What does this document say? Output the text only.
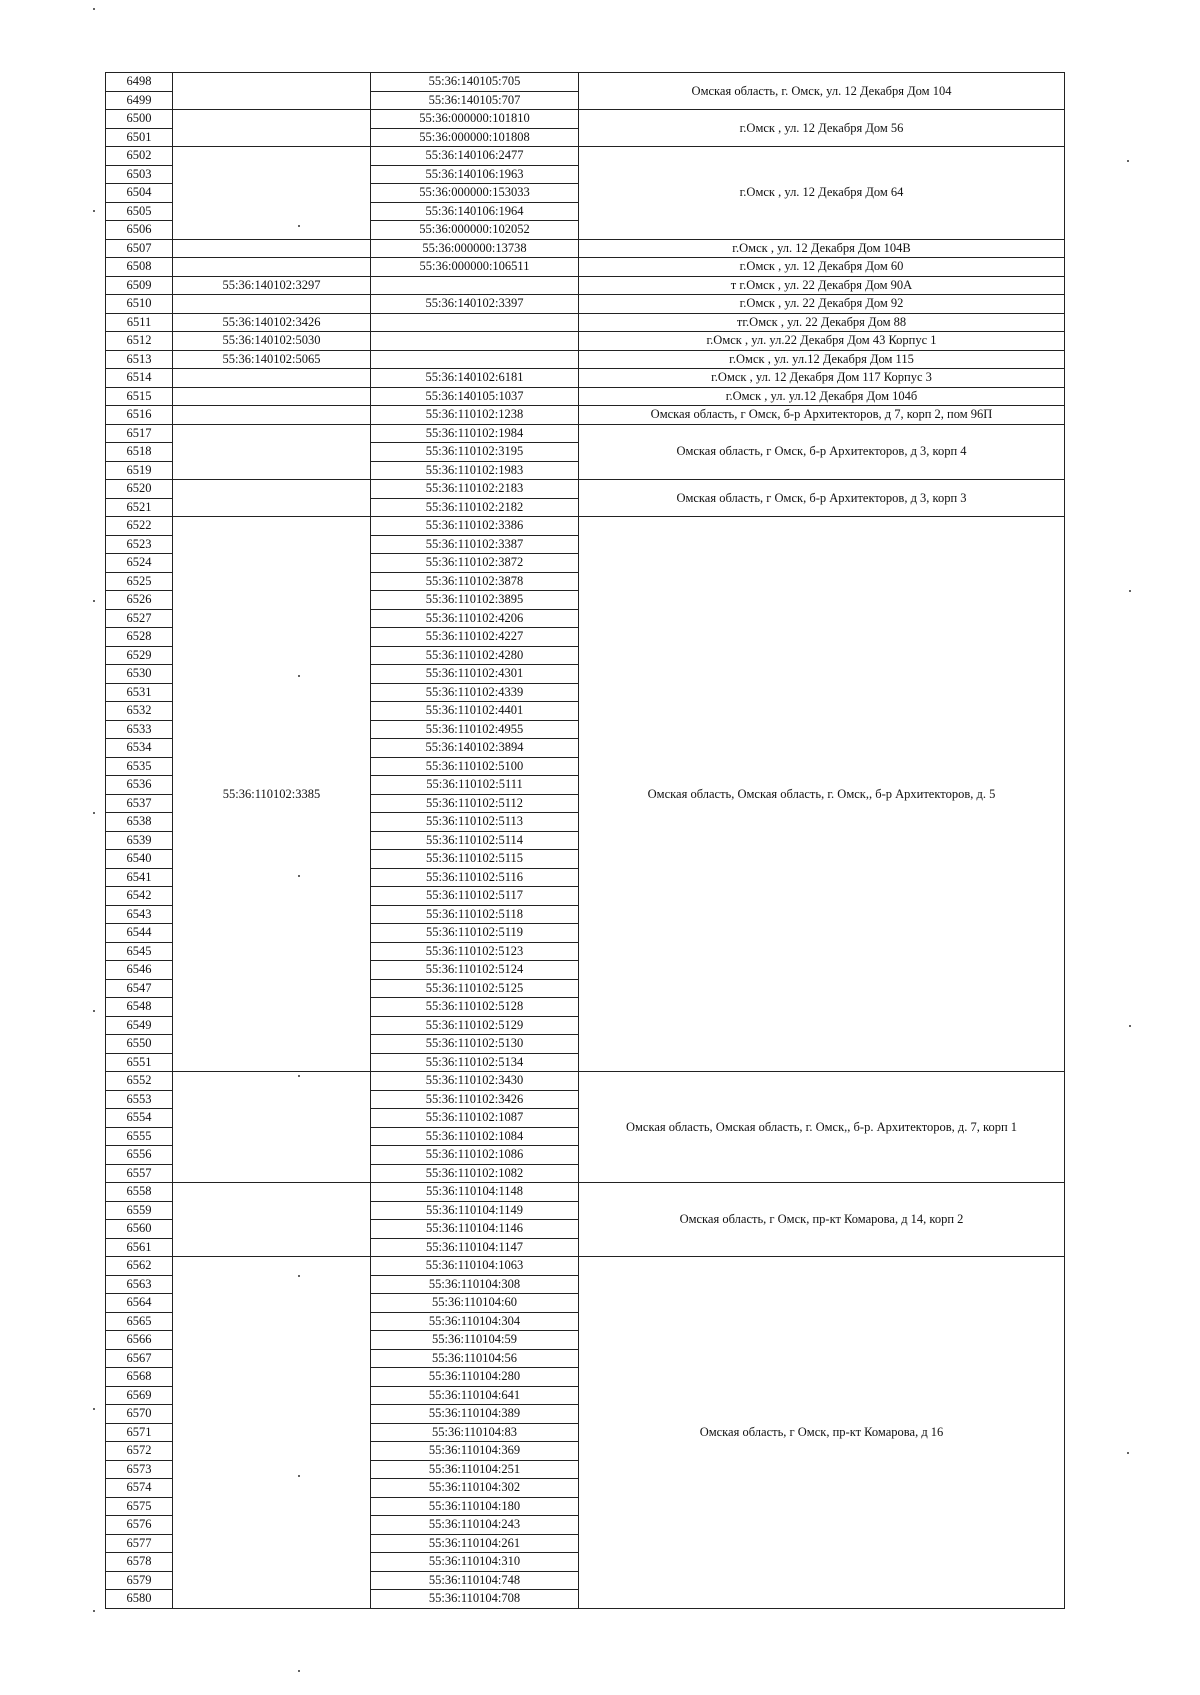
6498		55:36:140105:705	Омская область, г. Омск, ул. 12 Декабря Дом 104
6499		55:36:140105:707	
6500		55:36:000000:101810	г.Омск , ул. 12 Декабря Дом 56
6501		55:36:000000:101808	
6502		55:36:140106:2477	г.Омск , ул. 12 Декабря Дом 64
6503		55:36:140106:1963	
6504		55:36:000000:153033	
6505		55:36:140106:1964	
6506		55:36:000000:102052	
6507		55:36:000000:13738	г.Омск , ул. 12 Декабря Дом 104В
6508		55:36:000000:106511	г.Омск , ул. 12 Декабря Дом 60
6509	55:36:140102:3297		т г.Омск , ул. 22 Декабря Дом 90А
6510		55:36:140102:3397	г.Омск , ул. 22 Декабря Дом 92
6511	55:36:140102:3426		тг.Омск , ул. 22 Декабря Дом 88
6512	55:36:140102:5030		г.Омск , ул. ул.22 Декабря Дом 43 Корпус 1
6513	55:36:140102:5065		г.Омск , ул. ул.12 Декабря Дом 115
6514		55:36:140102:6181	г.Омск , ул. 12 Декабря Дом 117 Корпус 3
6515		55:36:140105:1037	г.Омск , ул. ул.12 Декабря Дом 104б
6516		55:36:110102:1238	Омская область, г Омск, б-р Архитекторов, д 7, корп 2, пом 96П
6517		55:36:110102:1984	Омская область, г Омск, б-р Архитекторов, д 3, корп 4
6518		55:36:110102:3195	
6519		55:36:110102:1983	
6520		55:36:110102:2183	Омская область, г Омск, б-р Архитекторов, д 3, корп 3
6521		55:36:110102:2182	
6522	55:36:110102:3385	55:36:110102:3386	Омская область, Омская область, г. Омск,, б-р Архитекторов, д. 5
6523		55:36:110102:3387	
6524		55:36:110102:3872	
6525		55:36:110102:3878	
6526		55:36:110102:3895	
6527		55:36:110102:4206	
6528		55:36:110102:4227	
6529		55:36:110102:4280	
6530		55:36:110102:4301	
6531		55:36:110102:4339	
6532		55:36:110102:4401	
6533		55:36:110102:4955	
6534		55:36:140102:3894	
6535		55:36:110102:5100	
6536		55:36:110102:5111	
6537		55:36:110102:5112	
6538		55:36:110102:5113	
6539		55:36:110102:5114	
6540		55:36:110102:5115	
6541		55:36:110102:5116	
6542		55:36:110102:5117	
6543		55:36:110102:5118	
6544		55:36:110102:5119	
6545		55:36:110102:5123	
6546		55:36:110102:5124	
6547		55:36:110102:5125	
6548		55:36:110102:5128	
6549		55:36:110102:5129	
6550		55:36:110102:5130	
6551		55:36:110102:5134	
6552		55:36:110102:3430	Омская область, Омская область, г. Омск,, б-р. Архитекторов, д. 7, корп 1
6553		55:36:110102:3426	
6554		55:36:110102:1087	
6555		55:36:110102:1084	
6556		55:36:110102:1086	
6557		55:36:110102:1082	
6558		55:36:110104:1148	Омская область, г Омск, пр-кт Комарова, д 14, корп 2
6559		55:36:110104:1149	
6560		55:36:110104:1146	
6561		55:36:110104:1147	
6562		55:36:110104:1063	Омская область, г Омск, пр-кт Комарова, д 16
6563		55:36:110104:308	
6564		55:36:110104:60	
6565		55:36:110104:304	
6566		55:36:110104:59	
6567		55:36:110104:56	
6568		55:36:110104:280	
6569		55:36:110104:641	
6570		55:36:110104:389	
6571		55:36:110104:83	
6572		55:36:110104:369	
6573		55:36:110104:251	
6574		55:36:110104:302	
6575		55:36:110104:180	
6576		55:36:110104:243	
6577		55:36:110104:261	
6578		55:36:110104:310	
6579		55:36:110104:748	
6580		55:36:110104:708	
